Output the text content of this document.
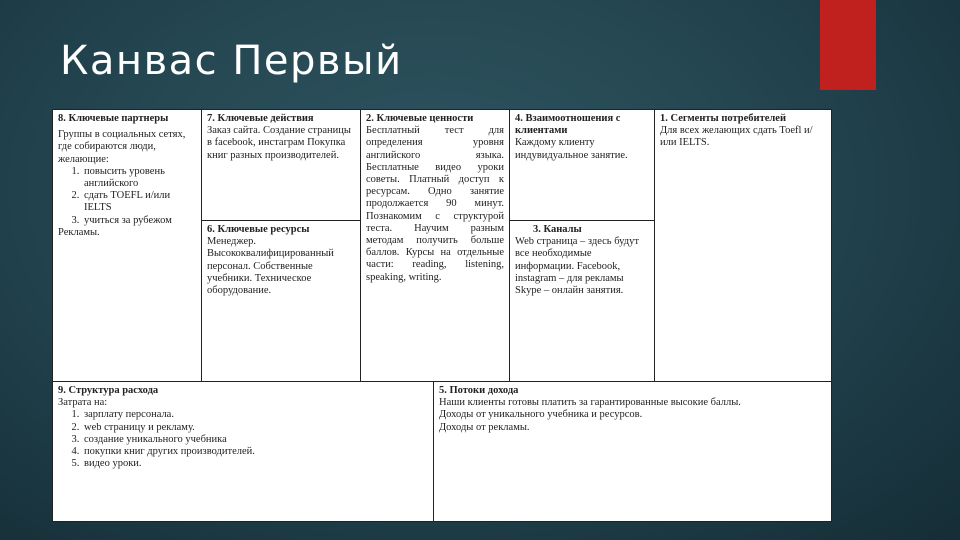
Канвас Первый
8. Ключевые партнеры

Группы в социальных сетях, где собираются люди, желающие:

1. повысить уровень английского
2. сдать TOEFL и/или IELTS
3. учиться за рубежом

Рекламы.

7. Ключевые действия

Заказ сайта. Создание страницы в facebook, инстаграм Покупка книг разных производителей.

6. Ключевые ресурсы

Менеджер. Высококвалифицированный персонал. Собственные учебники. Техническое оборудование.

2. Ключевые ценности

Бесплатный тест для определения уровня английского языка. Бесплатные видео уроки советы. Платный доступ к ресурсам. Одно занятие продолжается 90 минут. Познакомим с структурой теста. Научим разным методам получить больше баллов. Курсы на отдельные части: reading, listening, speaking, writing.

4. Взаимоотношения с клиентами

Каждому клиенту индувидуальное занятие.

3. Каналы

Web страница – здесь будут все необходимые информации. Facebook, instagram – для рекламы Skype – онлайн занятия.

1. Сегменты потребителей

Для всех желающих сдать Toefl и/или IELTS.

9. Структура расхода

Затрата на:

1. зарплату персонала.
2. web страницу и рекламу.
3. создание уникального учебника
4. покупки книг других производителей.
5. видео уроки.
5. Потоки дохода

Наши клиенты готовы платить за гарантированные высокие баллы.

Доходы от уникального учебника и ресурсов.

Доходы от рекламы.
